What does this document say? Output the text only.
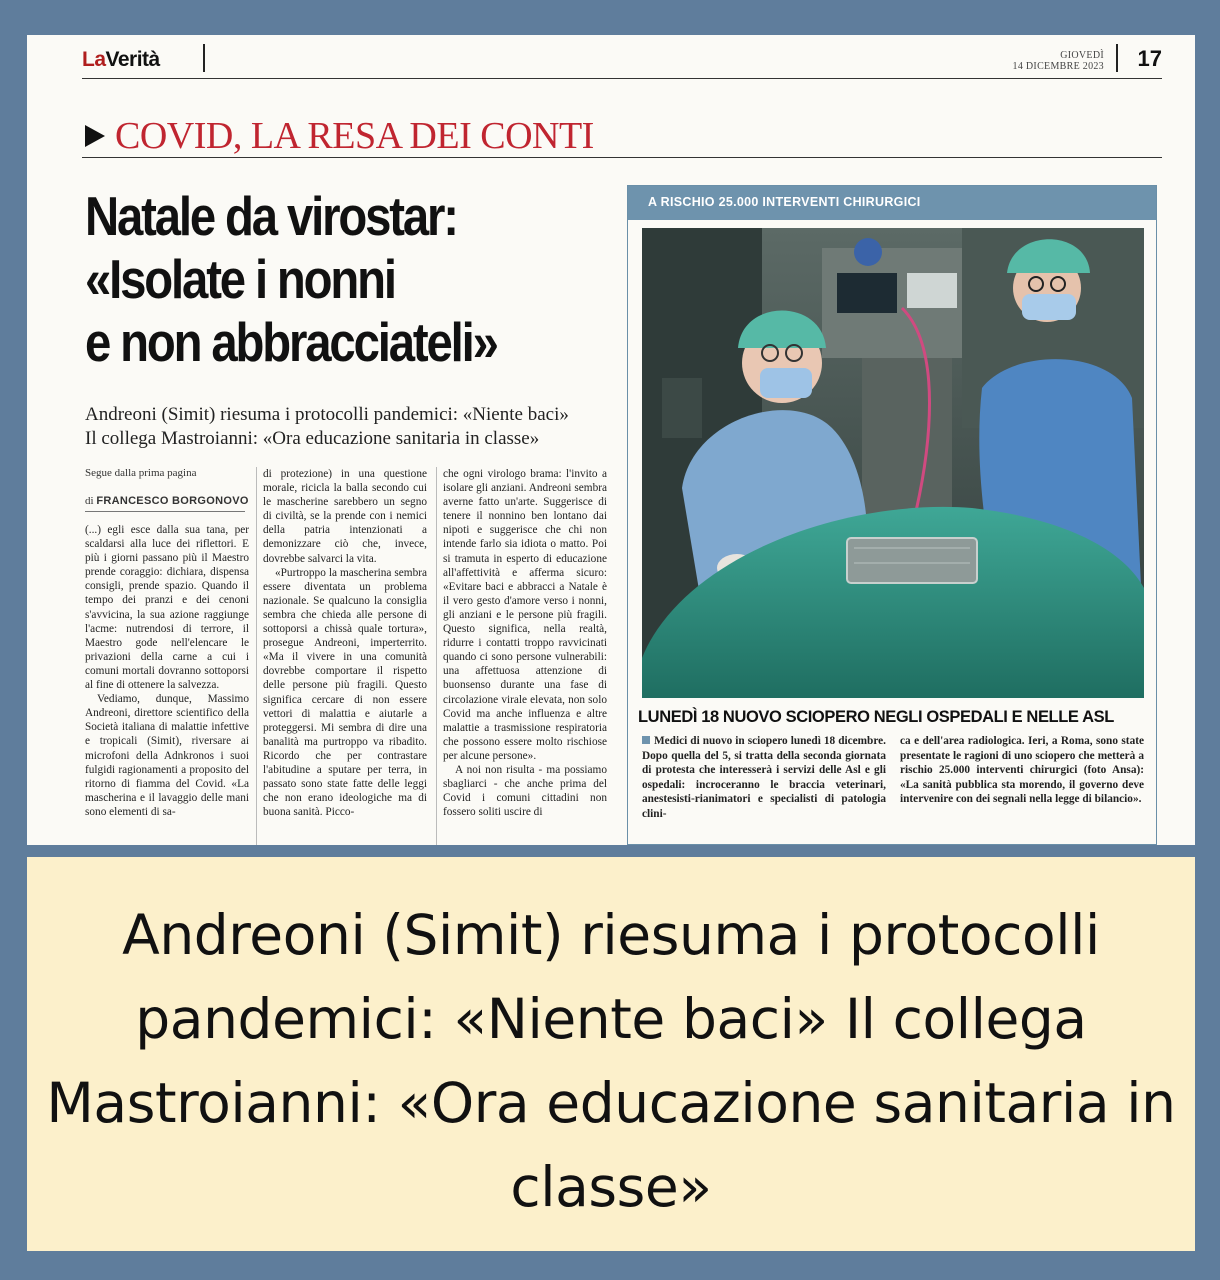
LaVerità	GIOVEDÌ
14 DICEMBRE 2023 17
COVID, LA RESA DEI CONTI
Natale da virostar:
«Isolate i nonni
e non abbracciateli»
Andreoni (Simit) riesuma i protocolli pandemici: «Niente baci»
Il collega Mastroianni: «Ora educazione sanitaria in classe»
Segue dalla prima pagina
di FRANCESCO BORGONOVO

(...) egli esce dalla sua tana, per scaldarsi alla luce dei riflettori. E più i giorni passano più il Maestro prende coraggio: dichiara, dispensa consigli, prende spazio. Quando il tempo dei pranzi e dei cenoni s'avvicina, la sua azione raggiunge l'acme: nutrendosi di terrore, il Maestro gode nell'elencare le privazioni della carne a cui i comuni mortali dovranno sottoporsi al fine di ottenere la salvezza.

Vediamo, dunque, Massimo Andreoni, direttore scientifico della Società italiana di malattie infettive e tropicali (Simit), riversare ai microfoni della Adnkronos i suoi fulgidi ragionamenti a proposito del ritorno di fiamma del Covid. «La mascherina e il lavaggio delle mani sono elementi di sa-

di protezione) in una questione morale, ricicla la balla secondo cui le mascherine sarebbero un segno di civiltà, se la prende con i nemici della patria intenzionati a demonizzare ciò che, invece, dovrebbe salvarci la vita.

«Purtroppo la mascherina sembra essere diventata un problema nazionale. Se qualcuno la consiglia sembra che chieda alle persone di sottoporsi a chissà quale tortura», prosegue Andreoni, imperterrito. «Ma il vivere in una comunità dovrebbe comportare il rispetto delle persone più fragili. Questo significa cercare di non essere vettori di malattia e aiutarle a proteggersi. Mi sembra di dire una banalità ma purtroppo va ribadito. Ricordo che per contrastare l'abitudine a sputare per terra, in passato sono state fatte delle leggi che non erano ideologiche ma di buona sanità. Picco-

che ogni virologo brama: l'invito a isolare gli anziani. Andreoni sembra averne fatto un'arte. Suggerisce di tenere il nonnino ben lontano dai nipoti e suggerisce che chi non intende farlo sia idiota o matto. Poi si tramuta in esperto di educazione all'affettività e afferma sicuro: «Evitare baci e abbracci a Natale è il vero gesto d'amore verso i nonni, gli anziani e le persone più fragili. Questo significa, nella realtà, ridurre i contatti troppo ravvicinati quando ci sono persone vulnerabili: una affettuosa attenzione di buonsenso durante una fase di circolazione virale elevata, non solo Covid ma anche influenza e altre malattie a trasmissione respiratoria che possono essere molto rischiose per alcune persone».

A noi non risulta - ma possiamo sbagliarci - che anche prima del Covid i comuni cittadini non fossero soliti uscire di

A RISCHIO 25.000 INTERVENTI CHIRURGICI
LUNEDÌ 18 NUOVO SCIOPERO NEGLI OSPEDALI E NELLE ASL
Medici di nuovo in sciopero lunedì 18 dicembre. Dopo quella del 5, si tratta della seconda giornata di protesta che interesserà i servizi delle Asl e gli ospedali: incroceranno le braccia veterinari, anestesisti-rianimatori e specialisti di patologia clini-
ca e dell'area radiologica. Ieri, a Roma, sono state presentate le ragioni di uno sciopero che metterà a rischio 25.000 interventi chirurgici (foto Ansa): «La sanità pubblica sta morendo, il governo deve intervenire con dei segnali nella legge di bilancio».
Andreoni (Simit) riesuma i protocolli pandemici: «Niente baci» Il collega Mastroianni: «Ora educazione sanitaria in classe»
